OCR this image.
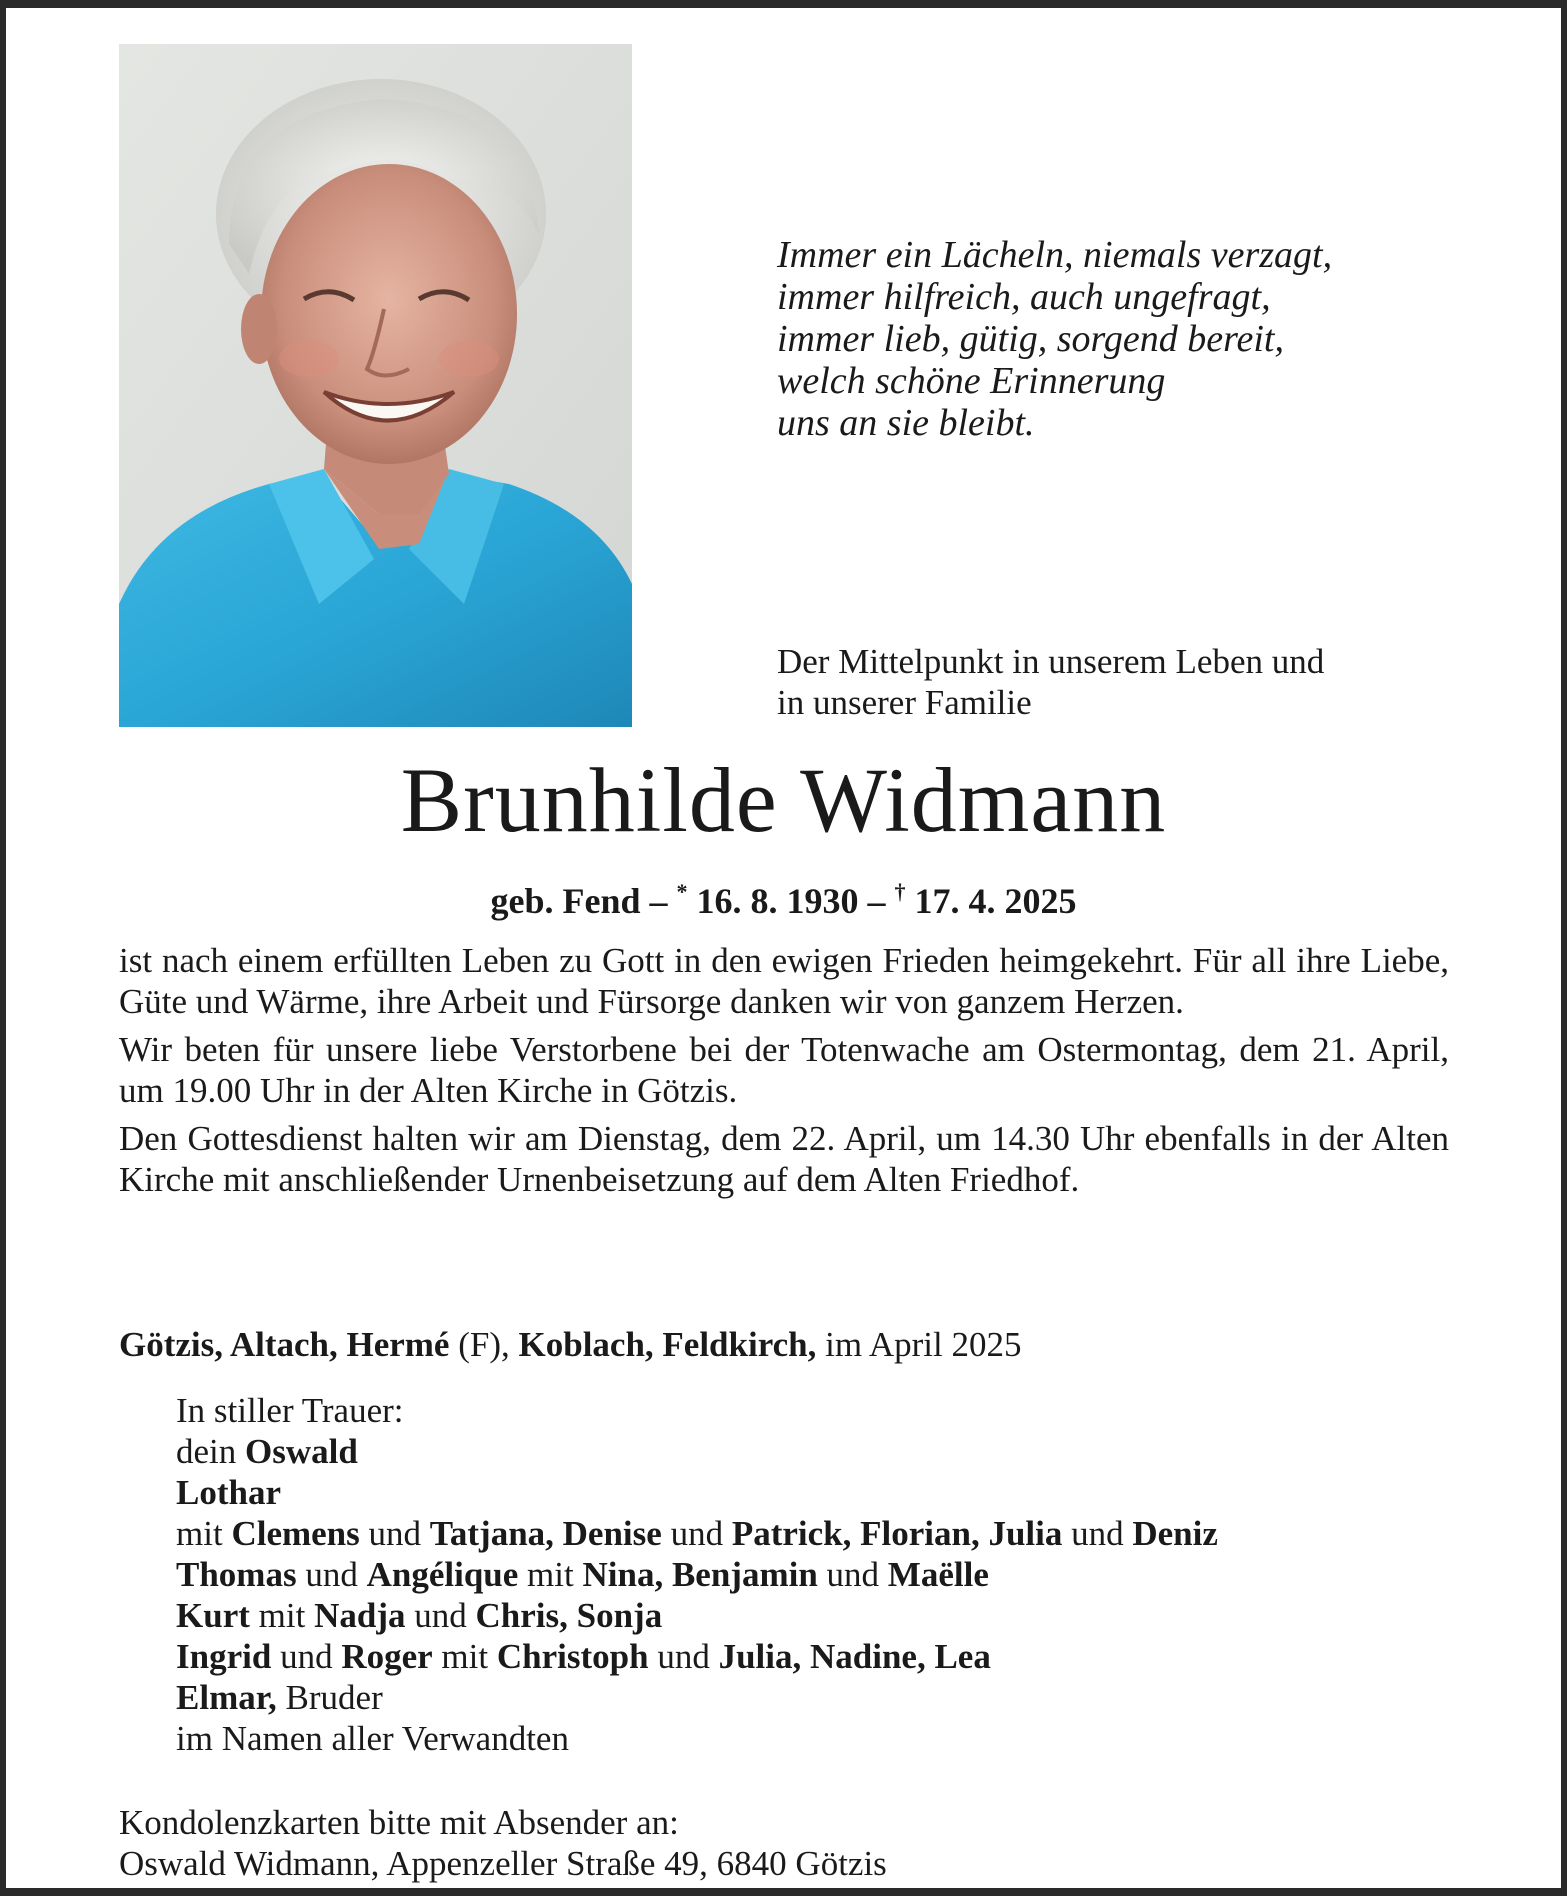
Immer ein Lächeln, niemals verzagt,
immer hilfreich, auch ungefragt,
immer lieb, gütig, sorgend bereit,
welch schöne Erinnerung
uns an sie bleibt.
Der Mittelpunkt in unserem Leben und
in unserer Familie
Brunhilde Widmann
geb. Fend – * 16. 8. 1930 – † 17. 4. 2025

ist nach einem erfüllten Leben zu Gott in den ewigen Frieden heimgekehrt. Für all ihre Liebe, Güte und Wärme, ihre Arbeit und Fürsorge danken wir von ganzem Herzen.

Wir beten für unsere liebe Verstorbene bei der Totenwache am Ostermontag, dem 21. April, um 19.00 Uhr in der Alten Kirche in Götzis.

Den Gottesdienst halten wir am Dienstag, dem 22. April, um 14.30 Uhr ebenfalls in der Alten Kirche mit anschließender Urnenbeisetzung auf dem Alten Friedhof.

Götzis, Altach, Hermé (F), Koblach, Feldkirch, im April 2025
In stiller Trauer:
dein Oswald
Lothar
mit Clemens und Tatjana, Denise und Patrick, Florian, Julia und Deniz
Thomas und Angélique mit Nina, Benjamin und Maëlle
Kurt mit Nadja und Chris, Sonja
Ingrid und Roger mit Christoph und Julia, Nadine, Lea
Elmar, Bruder
im Namen aller Verwandten
Kondolenzkarten bitte mit Absender an:
Oswald Widmann, Appenzeller Straße 49, 6840 Götzis
